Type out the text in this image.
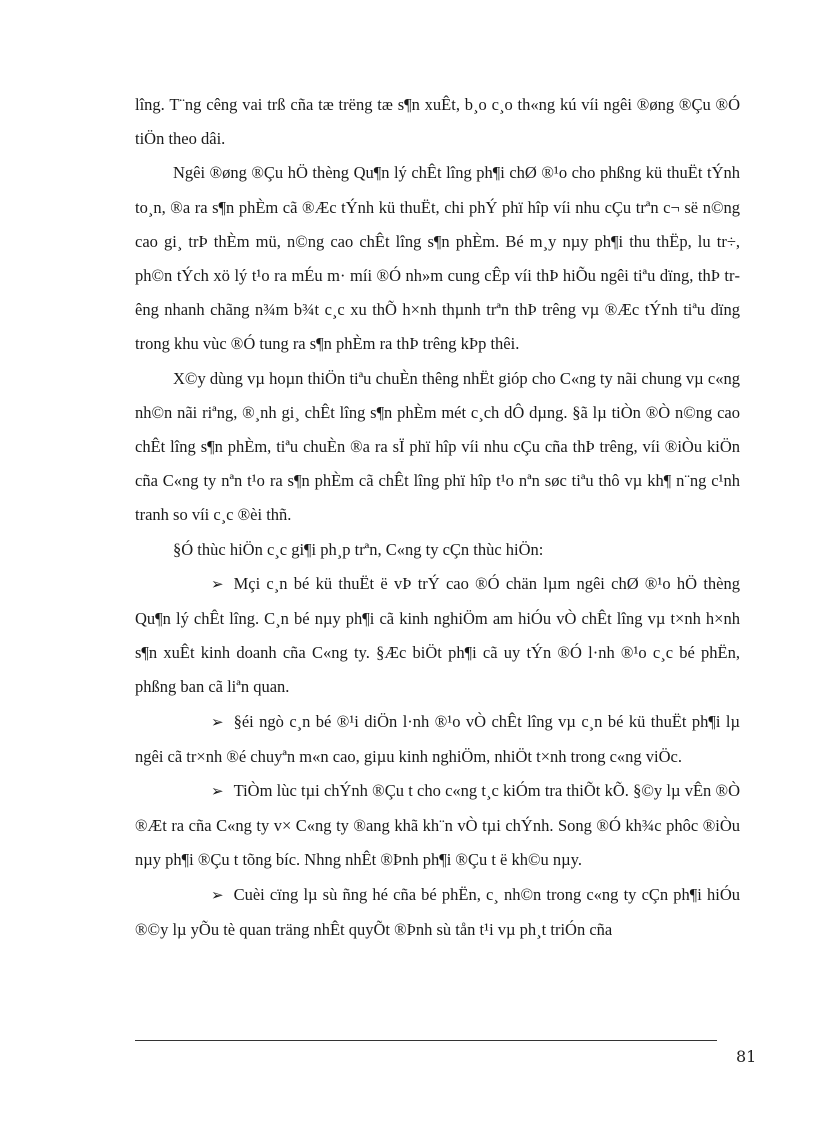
lîng. T¨ng cêng vai trß cña tæ trëng tæ s¶n xuÊt, b¸o c¸o th«ng kú víi ngêi ®øng ®Çu ®Ó tiÖn theo dâi.

Ngêi ®øng ®Çu hÖ thèng Qu¶n lý chÊt lîng ph¶i chØ ®¹o cho phßng kü thuËt tÝnh to¸n, ®a ra s¶n phÈm cã ®Æc tÝnh kü thuËt, chi phÝ phï hîp víi nhu cÇu trªn c¬ së n©ng cao gi¸ trÞ thÈm mü, n©ng cao chÊt lîng s¶n phÈm. Bé m¸y nµy ph¶i thu thËp, lu tr÷, ph©n tÝch xö lý t¹o ra mÉu m· míi ®Ó nh»m cung cÊp víi thÞ hiÕu ngêi tiªu dïng, thÞ trêng nhanh chãng n¾m b¾t c¸c xu thÕ h×nh thµnh trªn thÞ trêng vµ ®Æc tÝnh tiªu dïng trong khu vùc ®Ó tung ra s¶n phÈm ra thÞ trêng kÞp thêi.

X©y dùng vµ hoµn thiÖn tiªu chuÈn thêng nhËt gióp cho C«ng ty nãi chung vµ c«ng nh©n nãi riªng, ®¸nh gi¸ chÊt lîng s¶n phÈm mét c¸ch dÔ dµng. §ã lµ tiÒn ®Ò n©ng cao chÊt lîng s¶n phÈm, tiªu chuÈn ®a ra sÏ phï hîp víi nhu cÇu cña thÞ trêng, víi ®iÒu kiÖn cña C«ng ty nªn t¹o ra s¶n phÈm cã chÊt lîng phï hîp t¹o nªn søc tiªu thô vµ kh¶ n¨ng c¹nh tranh so víi c¸c ®èi thñ.

§Ó thùc hiÖn c¸c gi¶i ph¸p trªn, C«ng ty cÇn thùc hiÖn:

➢ Mçi c¸n bé kü thuËt ë vÞ trÝ cao ®Ó chän lµm ngêi chØ ®¹o hÖ thèng Qu¶n lý chÊt lîng. C¸n bé nµy ph¶i cã kinh nghiÖm am hiÓu vÒ chÊt lîng vµ t×nh h×nh s¶n xuÊt kinh doanh cña C«ng ty. §Æc biÖt ph¶i cã uy tÝn ®Ó l·nh ®¹o c¸c bé phËn, phßng ban cã liªn quan.

➢ §éi ngò c¸n bé ®¹i diÖn l·nh ®¹o vÒ chÊt lîng vµ c¸n bé kü thuËt ph¶i lµ ngêi cã tr×nh ®é chuyªn m«n cao, giµu kinh nghiÖm, nhiÖt t×nh trong c«ng viÖc.

➢ TiÒm lùc tµi chÝnh ®Çu t cho c«ng t¸c kiÓm tra thiÕt kÕ. §©y lµ vÊn ®Ò ®Æt ra cña C«ng ty v× C«ng ty ®ang khã kh¨n vÒ tµi chÝnh. Song ®Ó kh¾c phôc ®iÒu nµy ph¶i ®Çu t tõng bíc. Nhng nhÊt ®Þnh ph¶i ®Çu t ë kh©u nµy.

➢ Cuèi cïng lµ sù ñng hé cña bé phËn, c¸ nh©n trong c«ng ty cÇn ph¶i hiÓu ®©y lµ yÕu tè quan träng nhÊt quyÕt ®Þnh sù tån t¹i vµ ph¸t triÓn cña

81
